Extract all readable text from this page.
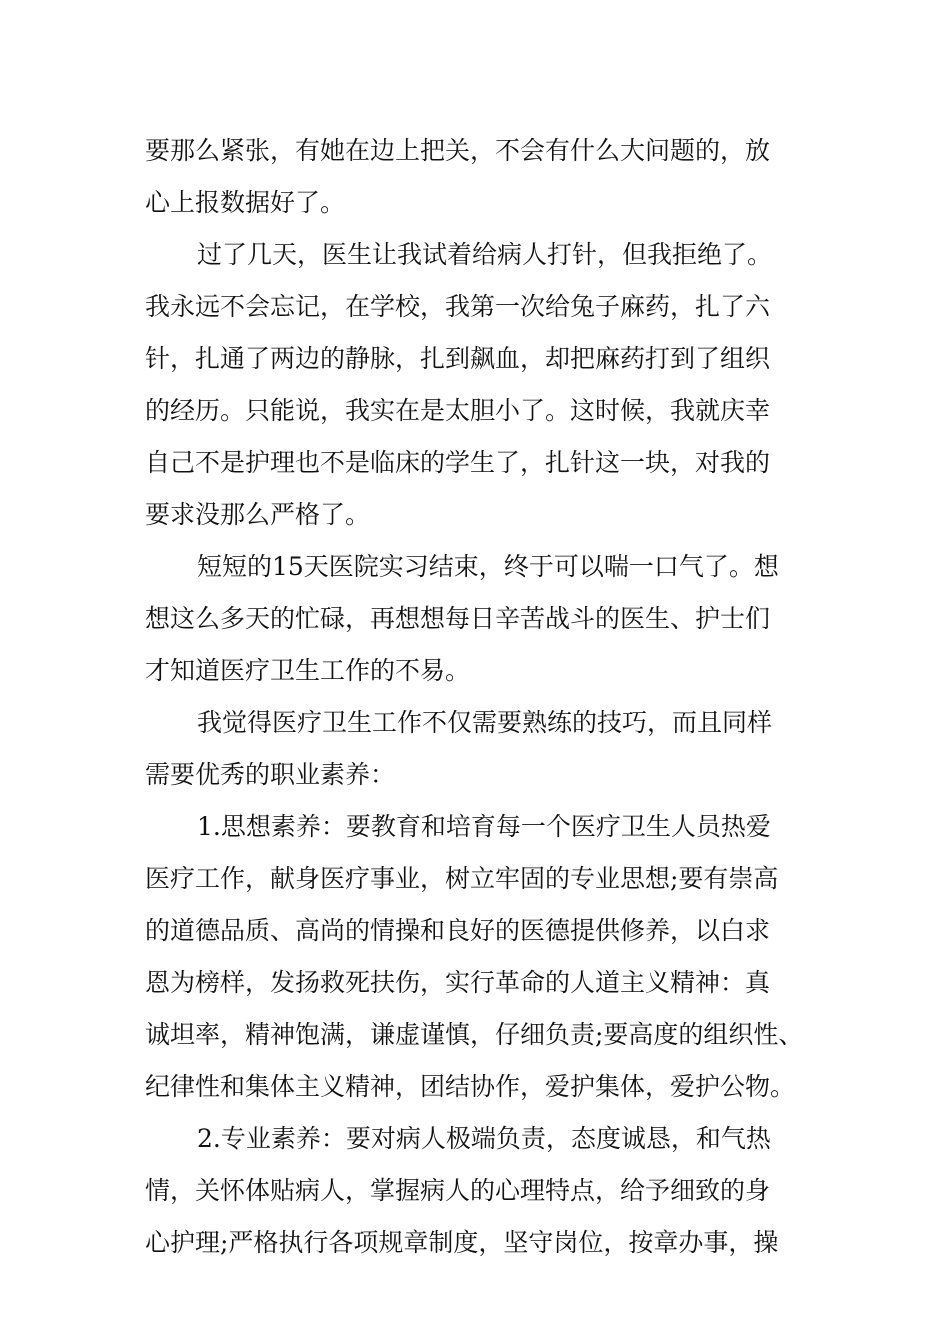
要那么紧张，有她在边上把关，不会有什么大问题的，放
心上报数据好了。
过了几天，医生让我试着给病人打针，但我拒绝了。
我永远不会忘记，在学校，我第一次给兔子麻药，扎了六
针，扎通了两边的静脉，扎到飙血，却把麻药打到了组织
的经历。只能说，我实在是太胆小了。这时候，我就庆幸
自己不是护理也不是临床的学生了，扎针这一块，对我的
要求没那么严格了。
短短的15天医院实习结束，终于可以喘一口气了。想
想这么多天的忙碌，再想想每日辛苦战斗的医生、护士们
才知道医疗卫生工作的不易。
我觉得医疗卫生工作不仅需要熟练的技巧，而且同样
需要优秀的职业素养：
1.思想素养：要教育和培育每一个医疗卫生人员热爱
医疗工作，献身医疗事业，树立牢固的专业思想;要有崇高
的道德品质、高尚的情操和良好的医德提供修养，以白求
恩为榜样，发扬救死扶伤，实行革命的人道主义精神：真
诚坦率，精神饱满，谦虚谨慎，仔细负责;要高度的组织性、
纪律性和集体主义精神，团结协作，爱护集体，爱护公物。
2.专业素养：要对病人极端负责，态度诚恳，和气热
情，关怀体贴病人，掌握病人的心理特点，给予细致的身
心护理;严格执行各项规章制度，坚守岗位，按章办事，操
